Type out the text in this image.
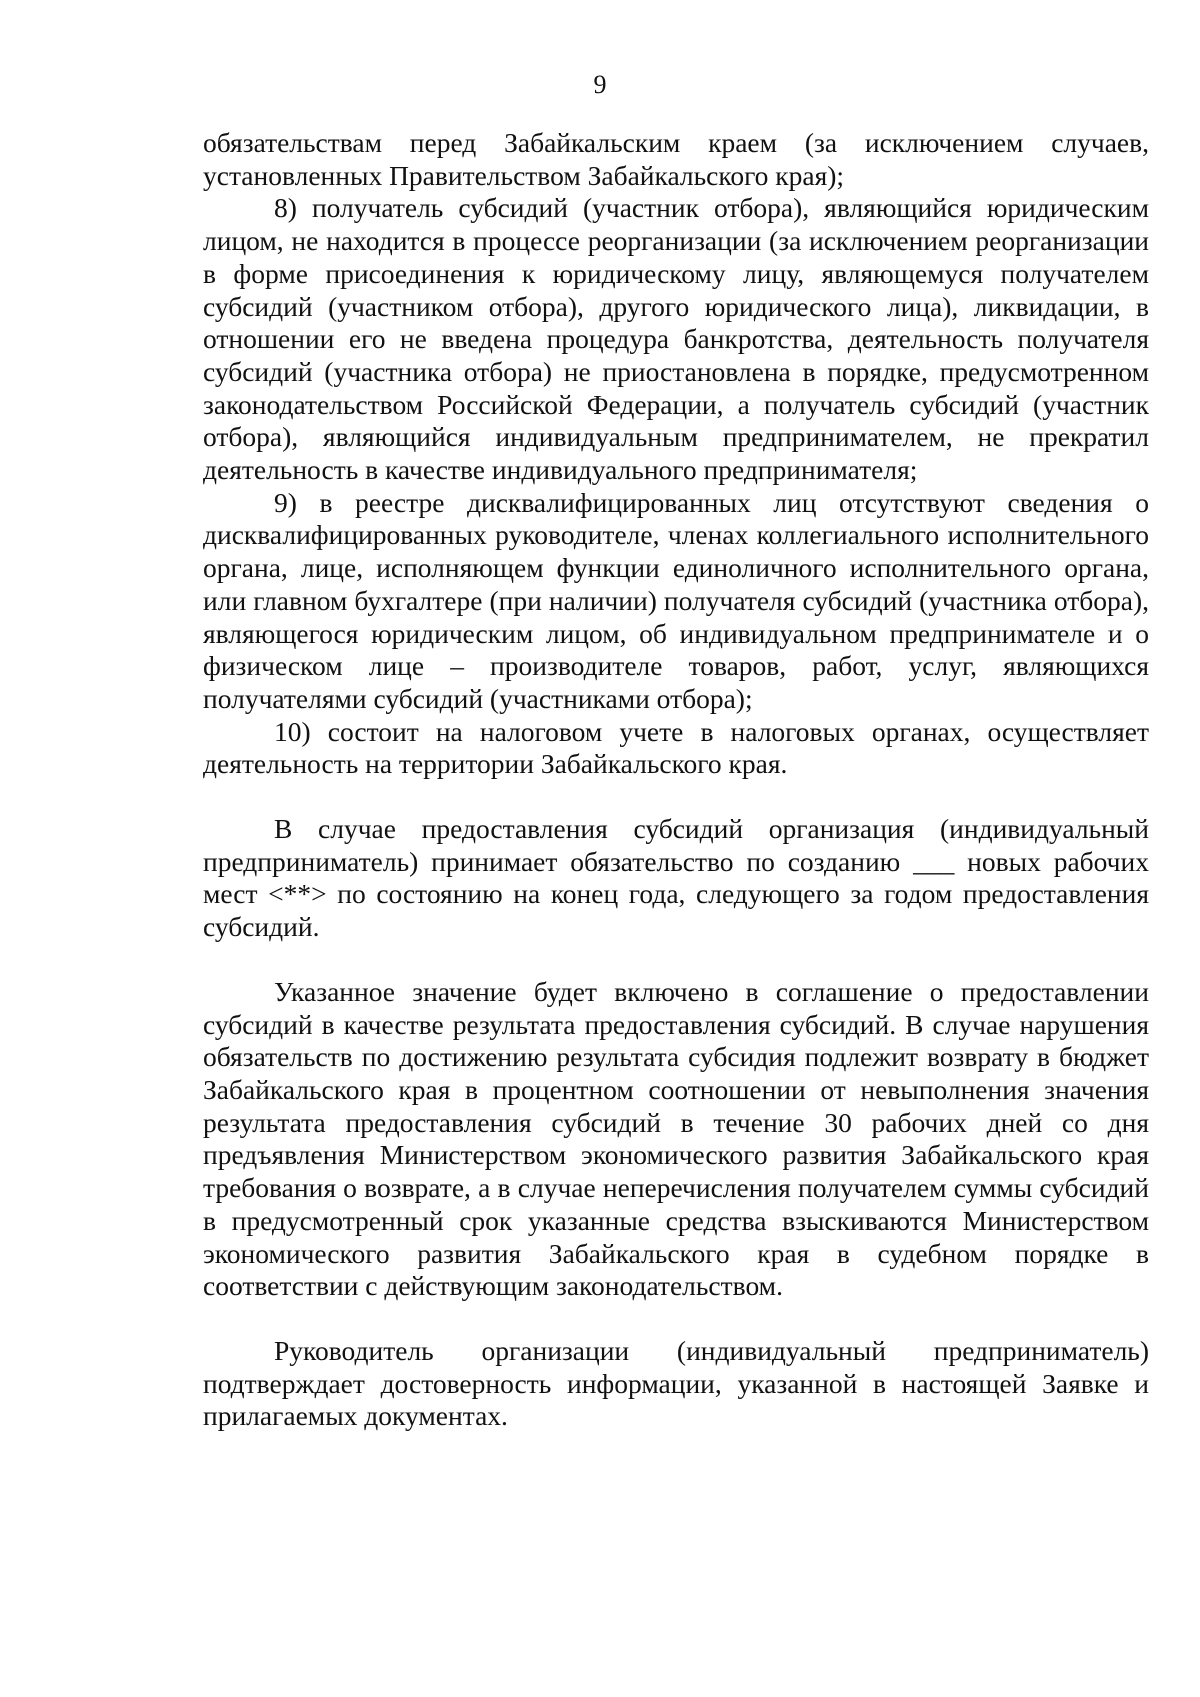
9

обязательствам перед Забайкальским краем (за исключением случаев, установленных Правительством Забайкальского края);

8) получатель субсидий (участник отбора), являющийся юридическим лицом, не находится в процессе реорганизации (за исключением реорганизации в форме присоединения к юридическому лицу, являющемуся получателем субсидий (участником отбора), другого юридического лица), ликвидации, в отношении его не введена процедура банкротства, деятельность получателя субсидий (участника отбора) не приостановлена в порядке, предусмотренном законодательством Российской Федерации, а получатель субсидий (участник отбора), являющийся индивидуальным предпринимателем, не прекратил деятельность в качестве индивидуального предпринимателя;

9) в реестре дисквалифицированных лиц отсутствуют сведения о дисквалифицированных руководителе, членах коллегиального исполнительного органа, лице, исполняющем функции единоличного исполнительного органа, или главном бухгалтере (при наличии) получателя субсидий (участника отбора), являющегося юридическим лицом, об индивидуальном предпринимателе и о физическом лице – производителе товаров, работ, услуг, являющихся получателями субсидий (участниками отбора);

10) состоит на налоговом учете в налоговых органах, осуществляет деятельность на территории Забайкальского края.

В случае предоставления субсидий организация (индивидуальный предприниматель) принимает обязательство по созданию ___ новых рабочих мест <**> по состоянию на конец года, следующего за годом предоставления субсидий.

Указанное значение будет включено в соглашение о предоставлении субсидий в качестве результата предоставления субсидий. В случае нарушения обязательств по достижению результата субсидия подлежит возврату в бюджет Забайкальского края в процентном соотношении от невыполнения значения результата предоставления субсидий в течение 30 рабочих дней со дня предъявления Министерством экономического развития Забайкальского края требования о возврате, а в случае неперечисления получателем суммы субсидий в предусмотренный срок указанные средства взыскиваются Министерством экономического развития Забайкальского края в судебном порядке в соответствии с действующим законодательством.

Руководитель организации (индивидуальный предприниматель) подтверждает достоверность информации, указанной в настоящей Заявке и прилагаемых документах.
